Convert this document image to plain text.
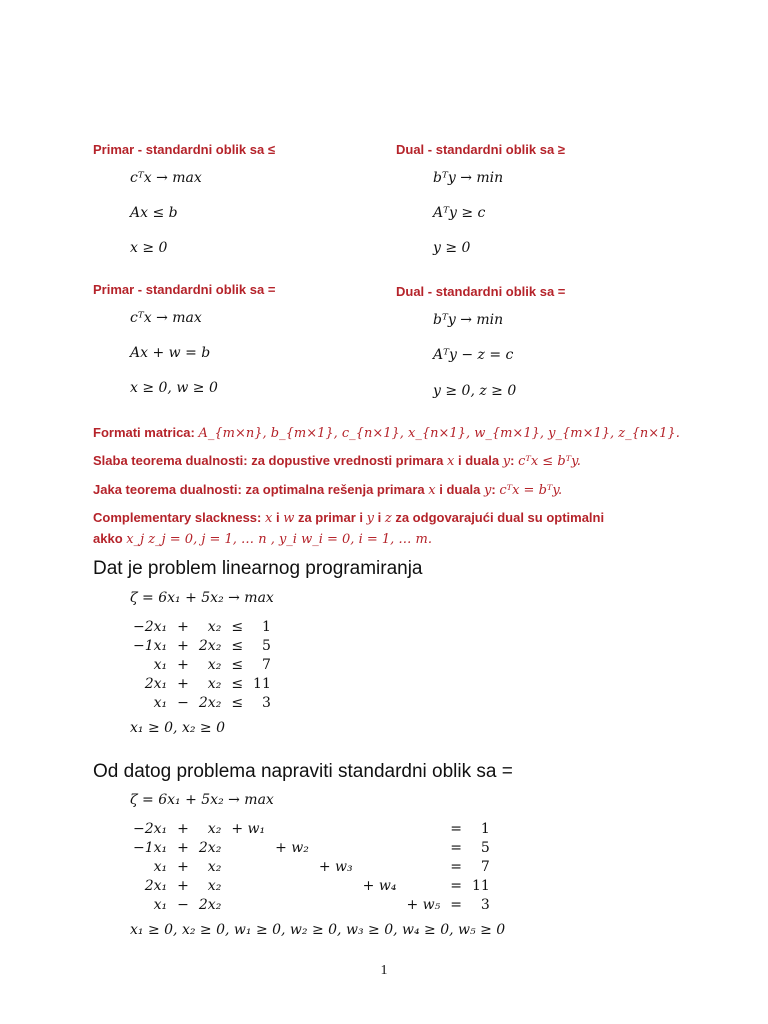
Primar - standardni oblik sa ≤	Dual - standardni oblik sa ≥
cᵀx → max
Ax ≤ b
x ≥ 0
bᵀy → min
Aᵀy ≥ c
y ≥ 0
Primar - standardni oblik sa =	Dual - standardni oblik sa =
cᵀx → max
Ax + w = b
x ≥ 0, w ≥ 0
bᵀy → min
Aᵀy − z = c
y ≥ 0, z ≥ 0
Formati matrica: A_{m×n}, b_{m×1}, c_{n×1}, x_{n×1}, w_{m×1}, y_{m×1}, z_{n×1}.
Slaba teorema dualnosti: za dopustive vrednosti primara x i duala y: cᵀx ≤ bᵀy.
Jaka teorema dualnosti: za optimalna rešenja primara x i duala y: cᵀx = bᵀy.
Complementary slackness: x i w za primar i y i z za odgovarajući dual su optimalni
akko x_j z_j = 0, j = 1, … n , y_i w_i = 0, i = 1, … m.
Dat je problem linearnog programiranja
ζ = 6x₁ + 5x₂ → max
−2x₁	+	x₂	≤	1
−1x₁	+	2x₂	≤	5
x₁	+	x₂	≤	7
2x₁	+	x₂	≤	11
x₁	−	2x₂	≤	3
x₁ ≥ 0, x₂ ≥ 0
Od datog problema napraviti standardni oblik sa =
ζ = 6x₁ + 5x₂ → max
−2x₁	+	x₂	+ w₁					=	1
−1x₁	+	2x₂		+ w₂				=	5
x₁	+	x₂			+ w₃			=	7
2x₁	+	x₂				+ w₄		=	11
x₁	−	2x₂					+ w₅	=	3
x₁ ≥ 0, x₂ ≥ 0, w₁ ≥ 0, w₂ ≥ 0, w₃ ≥ 0, w₄ ≥ 0, w₅ ≥ 0
1
